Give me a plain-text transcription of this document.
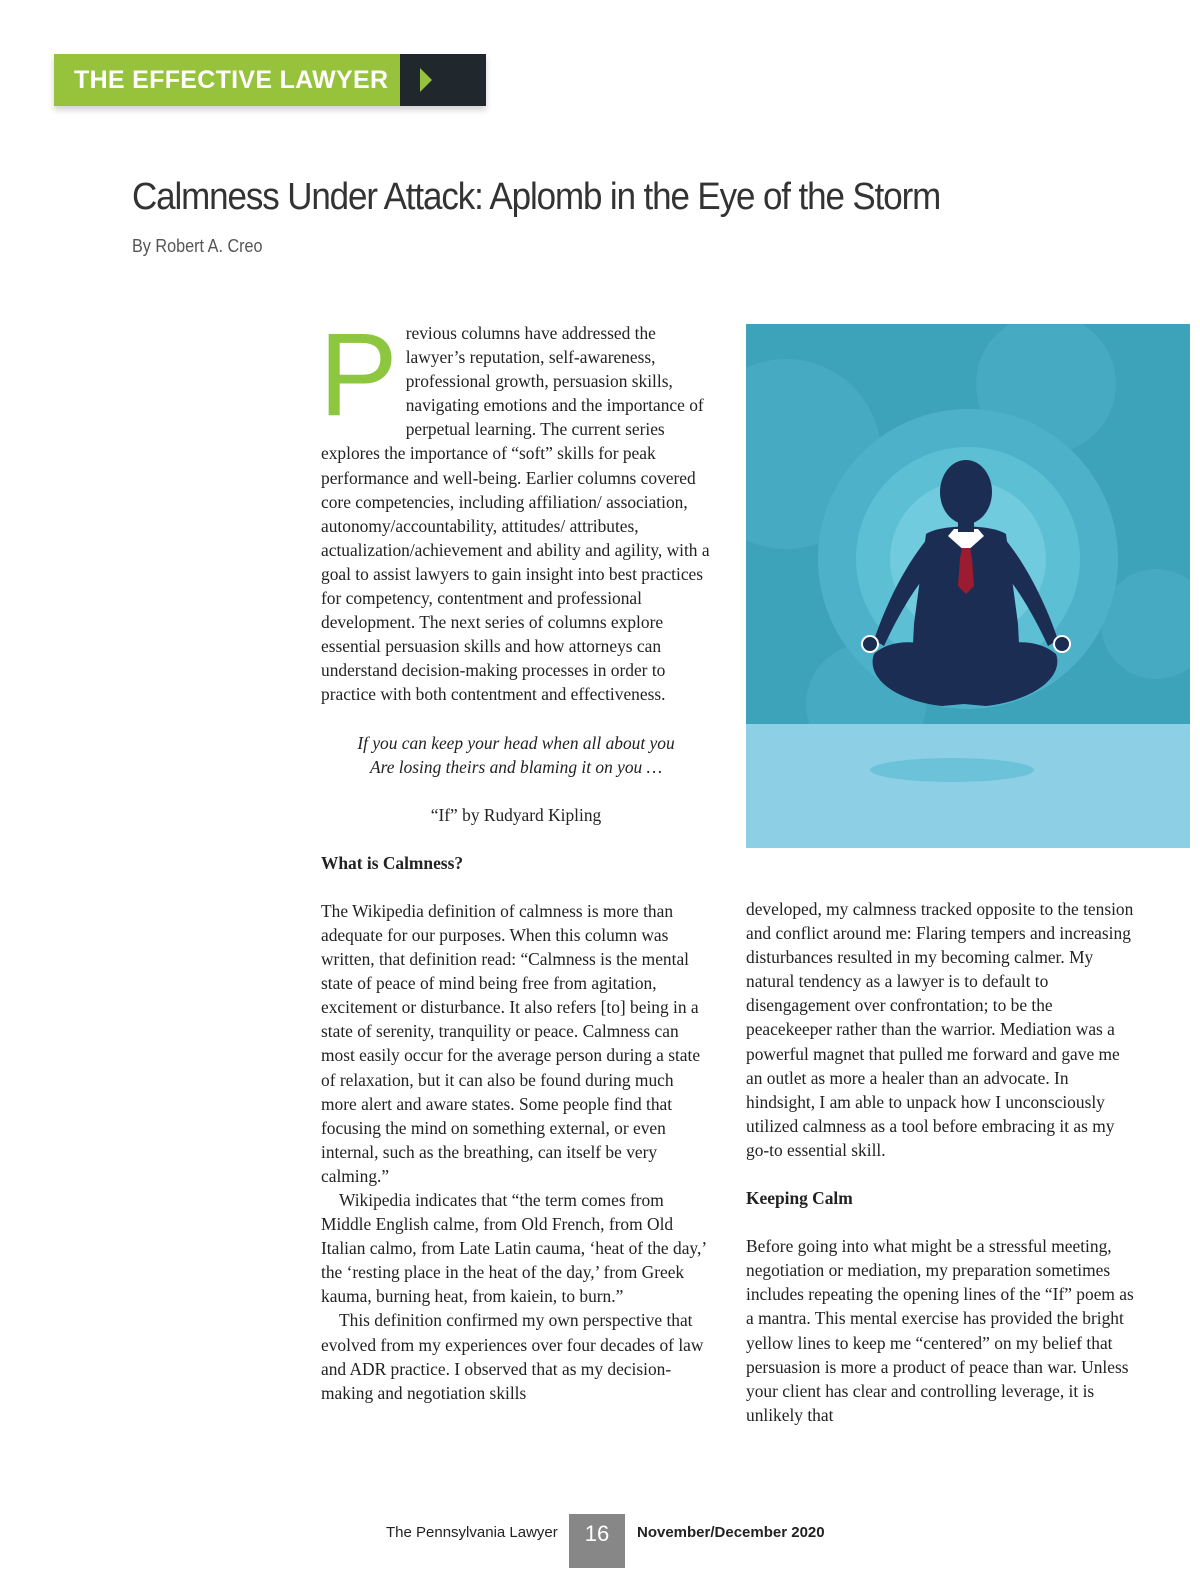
THE EFFECTIVE LAWYER
Calmness Under Attack: Aplomb in the Eye of the Storm
By Robert A. Creo

Previous columns have addressed the lawyer’s reputation, self-awareness, professional growth, persuasion skills, navigating emotions and the importance of perpetual learning. The current series explores the importance of “soft” skills for peak performance and well-being. Earlier columns covered core competencies, including affiliation/ association, autonomy/accountability, attitudes/ attributes, actualization/achievement and ability and agility, with a goal to assist lawyers to gain insight into best practices for competency, contentment and professional development. The next series of columns explore essential persuasion skills and how attorneys can understand decision-making processes in order to practice with both contentment and effectiveness.

If you can keep your head when all about you
Are losing theirs and blaming it on you …

“If” by Rudyard Kipling

What is Calmness?

The Wikipedia definition of calmness is more than adequate for our purposes. When this column was written, that definition read: “Calmness is the mental state of peace of mind being free from agitation, excitement or disturbance. It also refers [to] being in a state of serenity, tranquility or peace. Calmness can most easily occur for the average person during a state of relaxation, but it can also be found during much more alert and aware states. Some people find that focusing the mind on something external, or even internal, such as the breathing, can itself be very calming.”

Wikipedia indicates that “the term comes from Middle English calme, from Old French, from Old Italian calmo, from Late Latin cauma, ‘heat of the day,’ the ‘resting place in the heat of the day,’ from Greek kauma, burning heat, from kaiein, to burn.”

This definition confirmed my own perspective that evolved from my experiences over four decades of law and ADR practice. I observed that as my decision-making and negotiation skills

developed, my calmness tracked opposite to the tension and conflict around me: Flaring tempers and increasing disturbances resulted in my becoming calmer. My natural tendency as a lawyer is to default to disengagement over confrontation; to be the peacekeeper rather than the warrior. Mediation was a powerful magnet that pulled me forward and gave me an outlet as more a healer than an advocate. In hindsight, I am able to unpack how I unconsciously utilized calmness as a tool before embracing it as my go-to essential skill.

Keeping Calm

Before going into what might be a stressful meeting, negotiation or mediation, my preparation sometimes includes repeating the opening lines of the “If” poem as a mantra. This mental exercise has provided the bright yellow lines to keep me “centered” on my belief that persuasion is more a product of peace than war. Unless your client has clear and controlling leverage, it is unlikely that

The Pennsylvania Lawyer	16	November/December 2020
